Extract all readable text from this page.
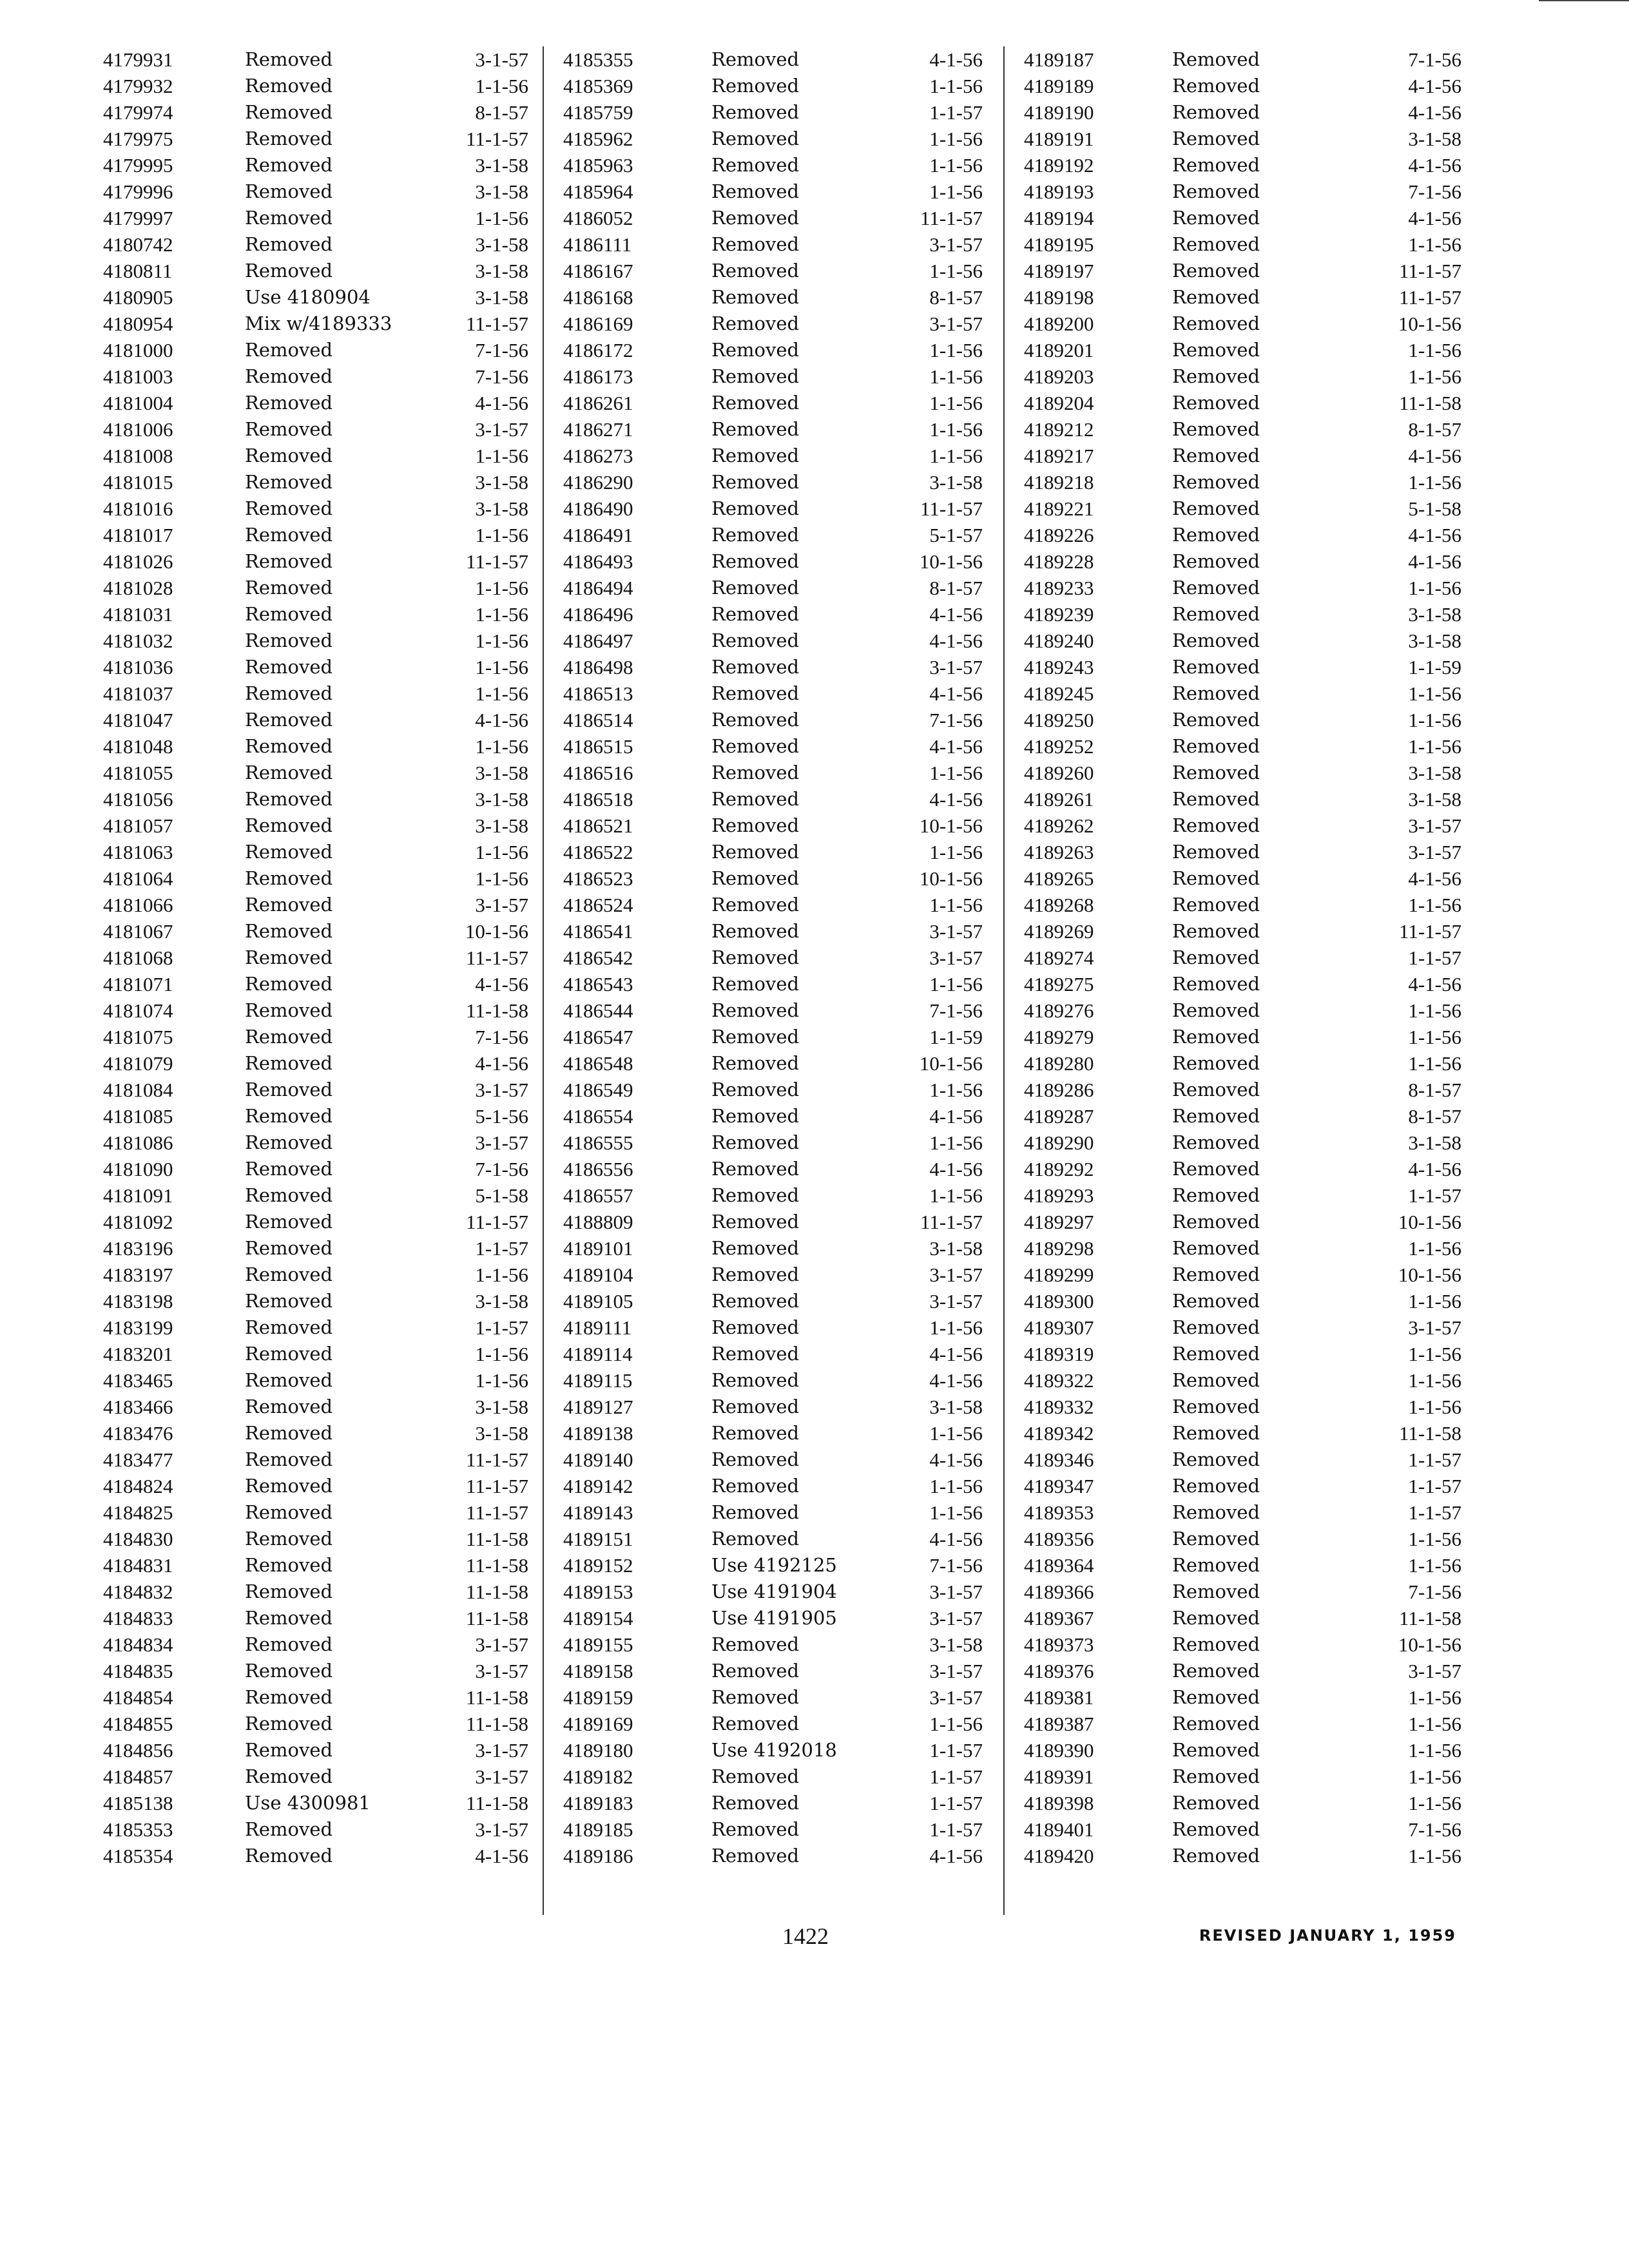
4179931	Removed	3-1-57
4179932	Removed	1-1-56
4179974	Removed	8-1-57
4179975	Removed	11-1-57
4179995	Removed	3-1-58
4179996	Removed	3-1-58
4179997	Removed	1-1-56
4180742	Removed	3-1-58
4180811	Removed	3-1-58
4180905	Use 4180904	3-1-58
4180954	Mix w/4189333	11-1-57
4181000	Removed	7-1-56
4181003	Removed	7-1-56
4181004	Removed	4-1-56
4181006	Removed	3-1-57
4181008	Removed	1-1-56
4181015	Removed	3-1-58
4181016	Removed	3-1-58
4181017	Removed	1-1-56
4181026	Removed	11-1-57
4181028	Removed	1-1-56
4181031	Removed	1-1-56
4181032	Removed	1-1-56
4181036	Removed	1-1-56
4181037	Removed	1-1-56
4181047	Removed	4-1-56
4181048	Removed	1-1-56
4181055	Removed	3-1-58
4181056	Removed	3-1-58
4181057	Removed	3-1-58
4181063	Removed	1-1-56
4181064	Removed	1-1-56
4181066	Removed	3-1-57
4181067	Removed	10-1-56
4181068	Removed	11-1-57
4181071	Removed	4-1-56
4181074	Removed	11-1-58
4181075	Removed	7-1-56
4181079	Removed	4-1-56
4181084	Removed	3-1-57
4181085	Removed	5-1-56
4181086	Removed	3-1-57
4181090	Removed	7-1-56
4181091	Removed	5-1-58
4181092	Removed	11-1-57
4183196	Removed	1-1-57
4183197	Removed	1-1-56
4183198	Removed	3-1-58
4183199	Removed	1-1-57
4183201	Removed	1-1-56
4183465	Removed	1-1-56
4183466	Removed	3-1-58
4183476	Removed	3-1-58
4183477	Removed	11-1-57
4184824	Removed	11-1-57
4184825	Removed	11-1-57
4184830	Removed	11-1-58
4184831	Removed	11-1-58
4184832	Removed	11-1-58
4184833	Removed	11-1-58
4184834	Removed	3-1-57
4184835	Removed	3-1-57
4184854	Removed	11-1-58
4184855	Removed	11-1-58
4184856	Removed	3-1-57
4184857	Removed	3-1-57
4185138	Use 4300981	11-1-58
4185353	Removed	3-1-57
4185354	Removed	4-1-56
4185355	Removed	4-1-56
4185369	Removed	1-1-56
4185759	Removed	1-1-57
4185962	Removed	1-1-56
4185963	Removed	1-1-56
4185964	Removed	1-1-56
4186052	Removed	11-1-57
4186111	Removed	3-1-57
4186167	Removed	1-1-56
4186168	Removed	8-1-57
4186169	Removed	3-1-57
4186172	Removed	1-1-56
4186173	Removed	1-1-56
4186261	Removed	1-1-56
4186271	Removed	1-1-56
4186273	Removed	1-1-56
4186290	Removed	3-1-58
4186490	Removed	11-1-57
4186491	Removed	5-1-57
4186493	Removed	10-1-56
4186494	Removed	8-1-57
4186496	Removed	4-1-56
4186497	Removed	4-1-56
4186498	Removed	3-1-57
4186513	Removed	4-1-56
4186514	Removed	7-1-56
4186515	Removed	4-1-56
4186516	Removed	1-1-56
4186518	Removed	4-1-56
4186521	Removed	10-1-56
4186522	Removed	1-1-56
4186523	Removed	10-1-56
4186524	Removed	1-1-56
4186541	Removed	3-1-57
4186542	Removed	3-1-57
4186543	Removed	1-1-56
4186544	Removed	7-1-56
4186547	Removed	1-1-59
4186548	Removed	10-1-56
4186549	Removed	1-1-56
4186554	Removed	4-1-56
4186555	Removed	1-1-56
4186556	Removed	4-1-56
4186557	Removed	1-1-56
4188809	Removed	11-1-57
4189101	Removed	3-1-58
4189104	Removed	3-1-57
4189105	Removed	3-1-57
4189111	Removed	1-1-56
4189114	Removed	4-1-56
4189115	Removed	4-1-56
4189127	Removed	3-1-58
4189138	Removed	1-1-56
4189140	Removed	4-1-56
4189142	Removed	1-1-56
4189143	Removed	1-1-56
4189151	Removed	4-1-56
4189152	Use 4192125	7-1-56
4189153	Use 4191904	3-1-57
4189154	Use 4191905	3-1-57
4189155	Removed	3-1-58
4189158	Removed	3-1-57
4189159	Removed	3-1-57
4189169	Removed	1-1-56
4189180	Use 4192018	1-1-57
4189182	Removed	1-1-57
4189183	Removed	1-1-57
4189185	Removed	1-1-57
4189186	Removed	4-1-56
4189187	Removed	7-1-56
4189189	Removed	4-1-56
4189190	Removed	4-1-56
4189191	Removed	3-1-58
4189192	Removed	4-1-56
4189193	Removed	7-1-56
4189194	Removed	4-1-56
4189195	Removed	1-1-56
4189197	Removed	11-1-57
4189198	Removed	11-1-57
4189200	Removed	10-1-56
4189201	Removed	1-1-56
4189203	Removed	1-1-56
4189204	Removed	11-1-58
4189212	Removed	8-1-57
4189217	Removed	4-1-56
4189218	Removed	1-1-56
4189221	Removed	5-1-58
4189226	Removed	4-1-56
4189228	Removed	4-1-56
4189233	Removed	1-1-56
4189239	Removed	3-1-58
4189240	Removed	3-1-58
4189243	Removed	1-1-59
4189245	Removed	1-1-56
4189250	Removed	1-1-56
4189252	Removed	1-1-56
4189260	Removed	3-1-58
4189261	Removed	3-1-58
4189262	Removed	3-1-57
4189263	Removed	3-1-57
4189265	Removed	4-1-56
4189268	Removed	1-1-56
4189269	Removed	11-1-57
4189274	Removed	1-1-57
4189275	Removed	4-1-56
4189276	Removed	1-1-56
4189279	Removed	1-1-56
4189280	Removed	1-1-56
4189286	Removed	8-1-57
4189287	Removed	8-1-57
4189290	Removed	3-1-58
4189292	Removed	4-1-56
4189293	Removed	1-1-57
4189297	Removed	10-1-56
4189298	Removed	1-1-56
4189299	Removed	10-1-56
4189300	Removed	1-1-56
4189307	Removed	3-1-57
4189319	Removed	1-1-56
4189322	Removed	1-1-56
4189332	Removed	1-1-56
4189342	Removed	11-1-58
4189346	Removed	1-1-57
4189347	Removed	1-1-57
4189353	Removed	1-1-57
4189356	Removed	1-1-56
4189364	Removed	1-1-56
4189366	Removed	7-1-56
4189367	Removed	11-1-58
4189373	Removed	10-1-56
4189376	Removed	3-1-57
4189381	Removed	1-1-56
4189387	Removed	1-1-56
4189390	Removed	1-1-56
4189391	Removed	1-1-56
4189398	Removed	1-1-56
4189401	Removed	7-1-56
4189420	Removed	1-1-56
1422	REVISED JANUARY 1, 1959
